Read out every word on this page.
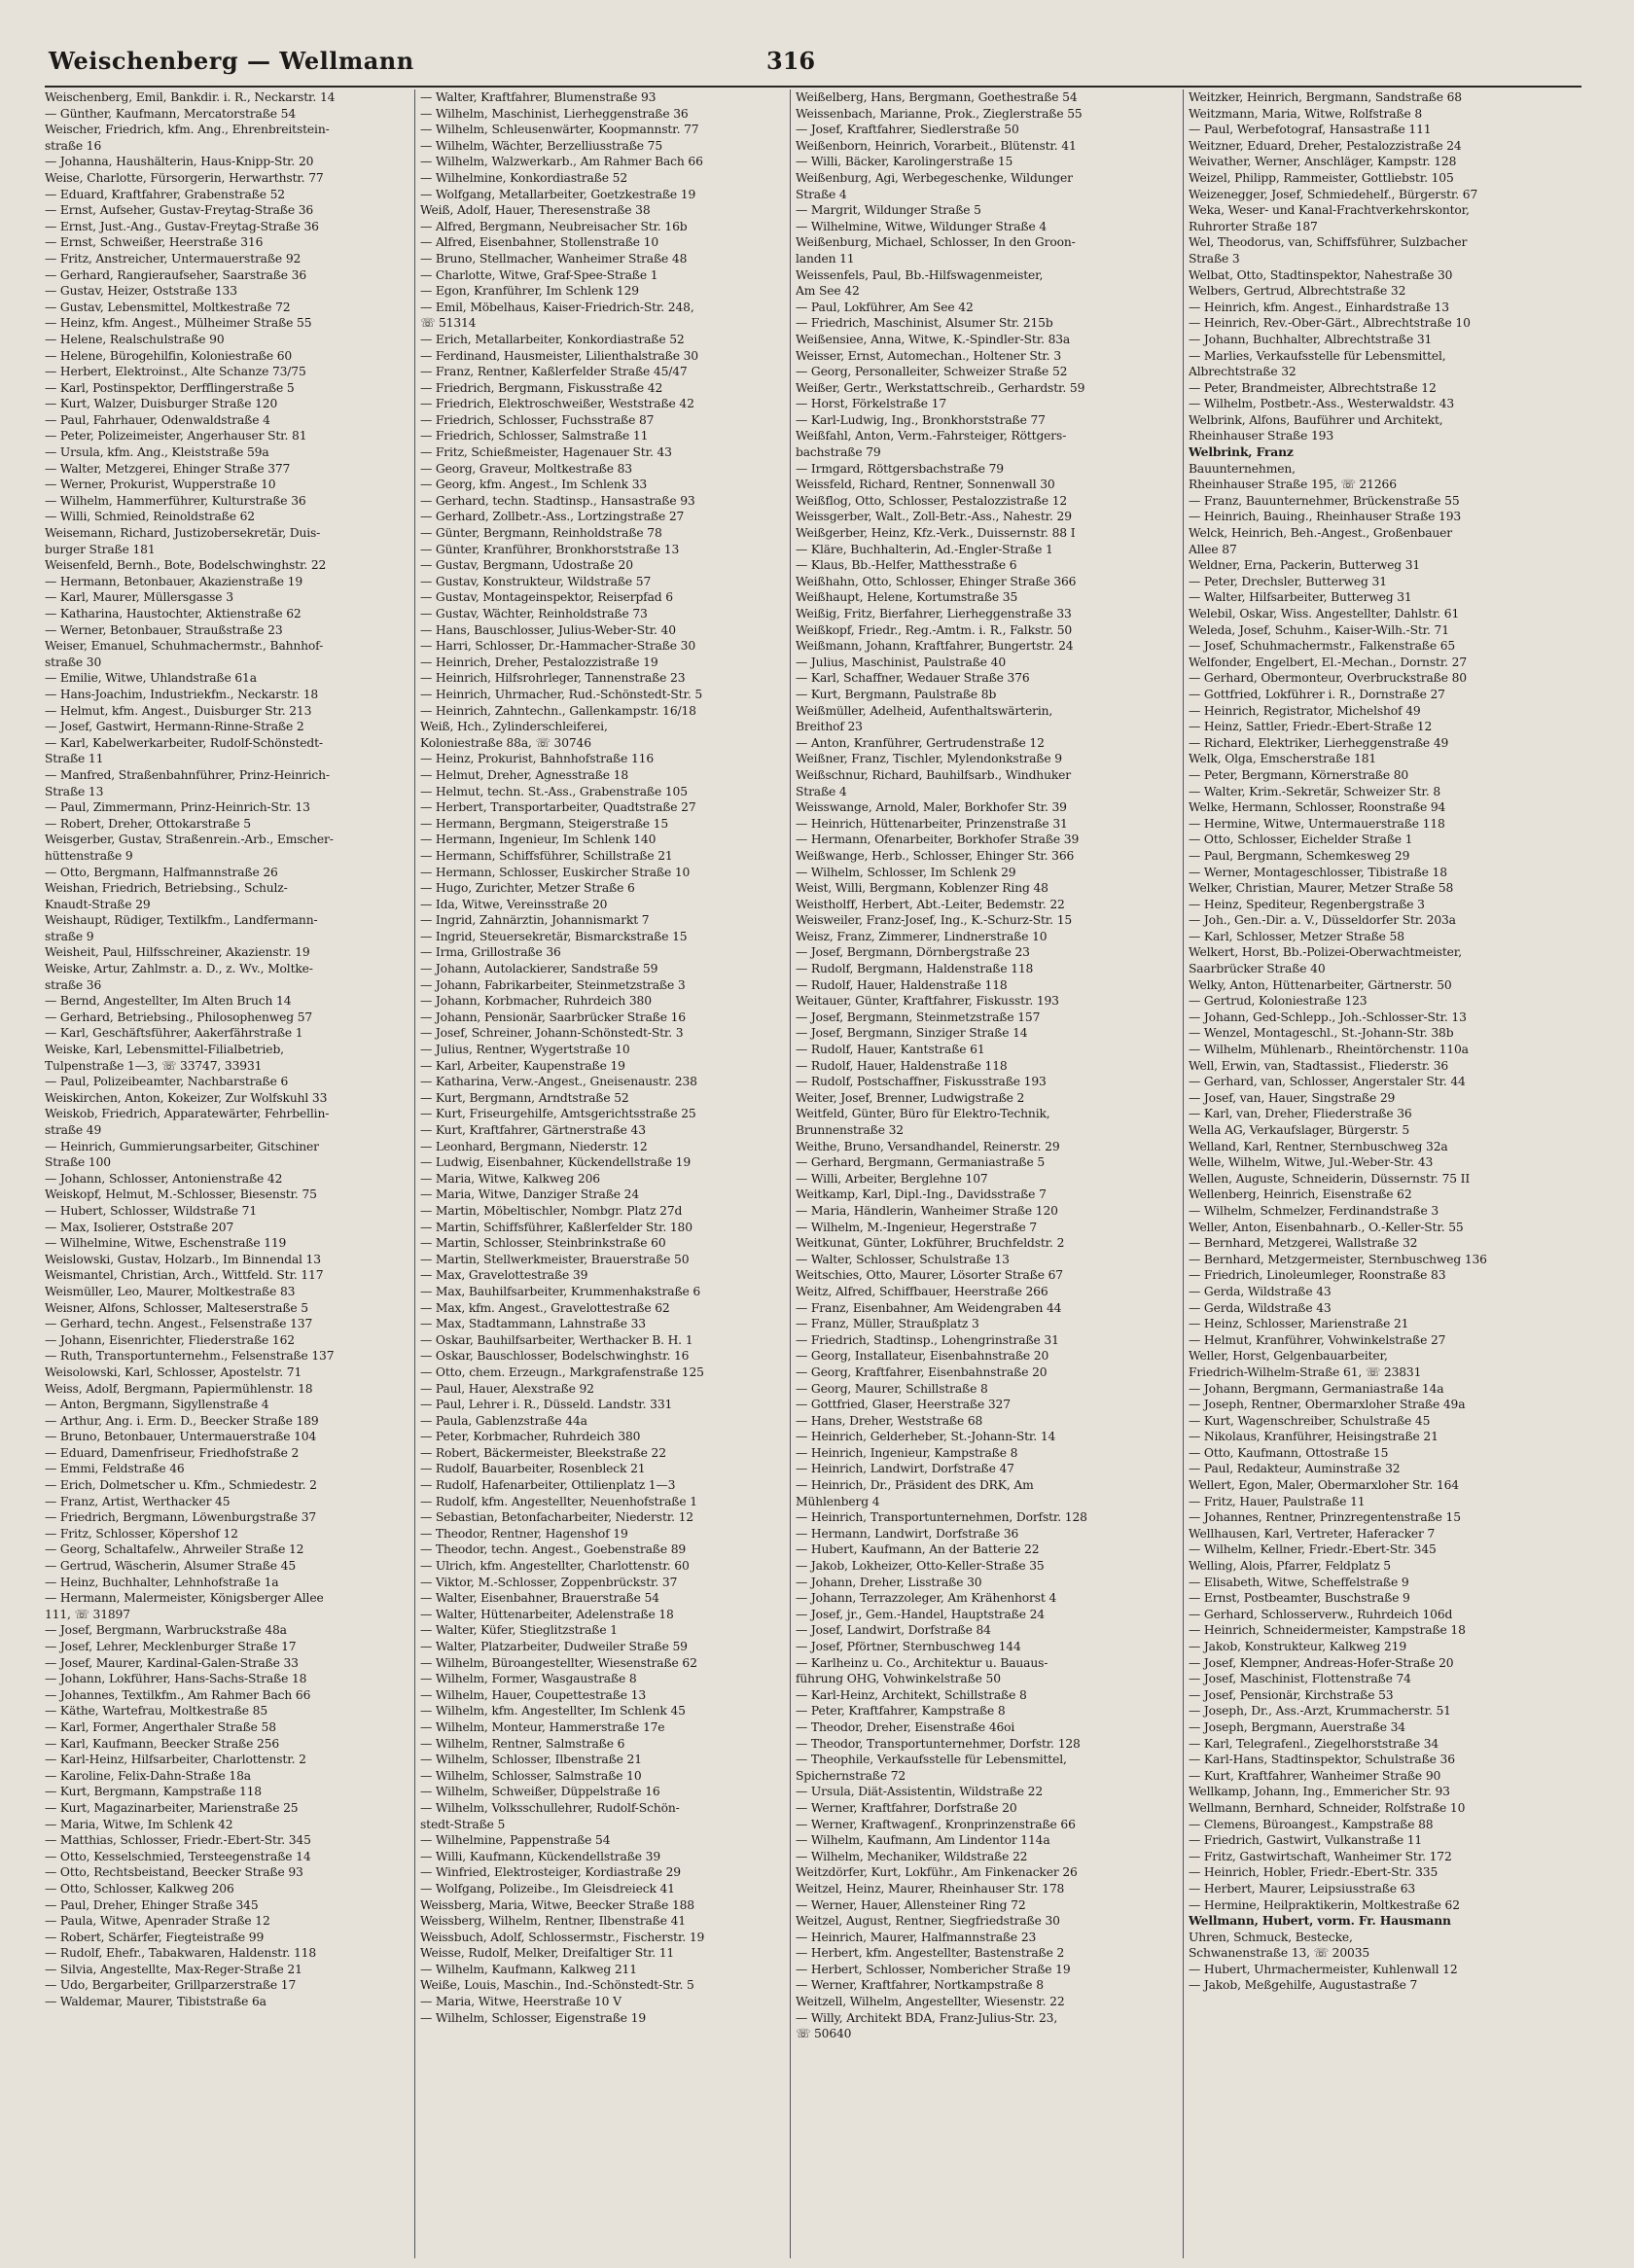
Weischenberg — Wellmann	316
Weischenberg, Emil, Bankdir. i. R., Neckarstr. 14
— Günther, Kaufmann, Mercatorstraße 54
Weischer, Friedrich, kfm. Ang., Ehrenbreitstein-
straße 16
— Johanna, Haushälterin, Haus-Knipp-Str. 20
Weise, Charlotte, Fürsorgerin, Herwarthstr. 77
— Eduard, Kraftfahrer, Grabenstraße 52
— Ernst, Aufseher, Gustav-Freytag-Straße 36
— Ernst, Just.-Ang., Gustav-Freytag-Straße 36
— Ernst, Schweißer, Heerstraße 316
— Fritz, Anstreicher, Untermauerstraße 92
— Gerhard, Rangieraufseher, Saarstraße 36
— Gustav, Heizer, Oststraße 133
— Gustav, Lebensmittel, Moltkestraße 72
— Heinz, kfm. Angest., Mülheimer Straße 55
— Helene, Realschulstraße 90
— Helene, Bürogehilfin, Koloniestraße 60
— Herbert, Elektroinst., Alte Schanze 73/75
— Karl, Postinspektor, Derfflingerstraße 5
— Kurt, Walzer, Duisburger Straße 120
— Paul, Fahrhauer, Odenwaldstraße 4
— Peter, Polizeimeister, Angerhauser Str. 81
— Ursula, kfm. Ang., Kleiststraße 59a
— Walter, Metzgerei, Ehinger Straße 377
— Werner, Prokurist, Wupperstraße 10
— Wilhelm, Hammerführer, Kulturstraße 36
— Willi, Schmied, Reinoldstraße 62
Weisemann, Richard, Justizobersekretär, Duis-
burger Straße 181
Weisenfeld, Bernh., Bote, Bodelschwinghstr. 22
— Hermann, Betonbauer, Akazienstraße 19
— Karl, Maurer, Müllersgasse 3
— Katharina, Haustochter, Aktienstraße 62
— Werner, Betonbauer, Straußstraße 23
Weiser, Emanuel, Schuhmachermstr., Bahnhof-
straße 30
— Emilie, Witwe, Uhlandstraße 61a
— Hans-Joachim, Industriekfm., Neckarstr. 18
— Helmut, kfm. Angest., Duisburger Str. 213
— Josef, Gastwirt, Hermann-Rinne-Straße 2
— Karl, Kabelwerkarbeiter, Rudolf-Schönstedt-
Straße 11
— Manfred, Straßenbahnführer, Prinz-Heinrich-
Straße 13
— Paul, Zimmermann, Prinz-Heinrich-Str. 13
— Robert, Dreher, Ottokarstraße 5
Weisgerber, Gustav, Straßenrein.-Arb., Emscher-
hüttenstraße 9
— Otto, Bergmann, Halfmannstraße 26
Weishan, Friedrich, Betriebsing., Schulz-
Knaudt-Straße 29
Weishaupt, Rüdiger, Textilkfm., Landfermann-
straße 9
Weisheit, Paul, Hilfsschreiner, Akazienstr. 19
Weiske, Artur, Zahlmstr. a. D., z. Wv., Moltke-
straße 36
— Bernd, Angestellter, Im Alten Bruch 14
— Gerhard, Betriebsing., Philosophenweg 57
— Karl, Geschäftsführer, Aakerfährstraße 1
Weiske, Karl, Lebensmittel-Filialbetrieb,
Tulpenstraße 1—3, ☏ 33747, 33931
— Paul, Polizeibeamter, Nachbarstraße 6
Weiskirchen, Anton, Kokeizer, Zur Wolfskuhl 33
Weiskob, Friedrich, Apparatewärter, Fehrbellin-
straße 49
— Heinrich, Gummierungsarbeiter, Gitschiner
Straße 100
— Johann, Schlosser, Antonienstraße 42
Weiskopf, Helmut, M.-Schlosser, Biesenstr. 75
— Hubert, Schlosser, Wildstraße 71
— Max, Isolierer, Oststraße 207
— Wilhelmine, Witwe, Eschenstraße 119
Weislowski, Gustav, Holzarb., Im Binnendal 13
Weismantel, Christian, Arch., Wittfeld. Str. 117
Weismüller, Leo, Maurer, Moltkestraße 83
Weisner, Alfons, Schlosser, Malteserstraße 5
— Gerhard, techn. Angest., Felsenstraße 137
— Johann, Eisenrichter, Fliederstraße 162
— Ruth, Transportunternehm., Felsenstraße 137
Weisolowski, Karl, Schlosser, Apostelstr. 71
Weiss, Adolf, Bergmann, Papiermühlenstr. 18
— Anton, Bergmann, Sigyllenstraße 4
— Arthur, Ang. i. Erm. D., Beecker Straße 189
— Bruno, Betonbauer, Untermauerstraße 104
— Eduard, Damenfriseur, Friedhofstraße 2
— Emmi, Feldstraße 46
— Erich, Dolmetscher u. Kfm., Schmiedestr. 2
— Franz, Artist, Werthacker 45
— Friedrich, Bergmann, Löwenburgstraße 37
— Fritz, Schlosser, Köpershof 12
— Georg, Schaltafelw., Ahrweiler Straße 12
— Gertrud, Wäscherin, Alsumer Straße 45
— Heinz, Buchhalter, Lehnhofstraße 1a
— Hermann, Malermeister, Königsberger Allee
111, ☏ 31897
— Josef, Bergmann, Warbruckstraße 48a
— Josef, Lehrer, Mecklenburger Straße 17
— Josef, Maurer, Kardinal-Galen-Straße 33
— Johann, Lokführer, Hans-Sachs-Straße 18
— Johannes, Textilkfm., Am Rahmer Bach 66
— Käthe, Wartefrau, Moltkestraße 85
— Karl, Former, Angerthaler Straße 58
— Karl, Kaufmann, Beecker Straße 256
— Karl-Heinz, Hilfsarbeiter, Charlottenstr. 2
— Karoline, Felix-Dahn-Straße 18a
— Kurt, Bergmann, Kampstraße 118
— Kurt, Magazinarbeiter, Marienstraße 25
— Maria, Witwe, Im Schlenk 42
— Matthias, Schlosser, Friedr.-Ebert-Str. 345
— Otto, Kesselschmied, Tersteegenstraße 14
— Otto, Rechtsbeistand, Beecker Straße 93
— Otto, Schlosser, Kalkweg 206
— Paul, Dreher, Ehinger Straße 345
— Paula, Witwe, Apenrader Straße 12
— Robert, Schärfer, Fiegteistraße 99
— Rudolf, Ehefr., Tabakwaren, Haldenstr. 118
— Silvia, Angestellte, Max-Reger-Straße 21
— Udo, Bergarbeiter, Grillparzerstraße 17
— Waldemar, Maurer, Tibiststraße 6a
— Walter, Kraftfahrer, Blumenstraße 93
— Wilhelm, Maschinist, Lierheggenstraße 36
— Wilhelm, Schleusenwärter, Koopmannstr. 77
— Wilhelm, Wächter, Berzelliusstraße 75
— Wilhelm, Walzwerkarb., Am Rahmer Bach 66
— Wilhelmine, Konkordiastraße 52
— Wolfgang, Metallarbeiter, Goetzkestraße 19
Weiß, Adolf, Hauer, Theresenstraße 38
— Alfred, Bergmann, Neubreisacher Str. 16b
— Alfred, Eisenbahner, Stollenstraße 10
— Bruno, Stellmacher, Wanheimer Straße 48
— Charlotte, Witwe, Graf-Spee-Straße 1
— Egon, Kranführer, Im Schlenk 129
— Emil, Möbelhaus, Kaiser-Friedrich-Str. 248,
☏ 51314
— Erich, Metallarbeiter, Konkordiastraße 52
— Ferdinand, Hausmeister, Lilienthalstraße 30
— Franz, Rentner, Kaßlerfelder Straße 45/47
— Friedrich, Bergmann, Fiskusstraße 42
— Friedrich, Elektroschweißer, Weststraße 42
— Friedrich, Schlosser, Fuchsstraße 87
— Friedrich, Schlosser, Salmstraße 11
— Fritz, Schießmeister, Hagenauer Str. 43
— Georg, Graveur, Moltkestraße 83
— Georg, kfm. Angest., Im Schlenk 33
— Gerhard, techn. Stadtinsp., Hansastraße 93
— Gerhard, Zollbetr.-Ass., Lortzingstraße 27
— Günter, Bergmann, Reinholdstraße 78
— Günter, Kranführer, Bronkhorststraße 13
— Gustav, Bergmann, Udostraße 20
— Gustav, Konstrukteur, Wildstraße 57
— Gustav, Montageinspektor, Reiserpfad 6
— Gustav, Wächter, Reinholdstraße 73
— Hans, Bauschlosser, Julius-Weber-Str. 40
— Harri, Schlosser, Dr.-Hammacher-Straße 30
— Heinrich, Dreher, Pestalozzistraße 19
— Heinrich, Hilfsrohrleger, Tannenstraße 23
— Heinrich, Uhrmacher, Rud.-Schönstedt-Str. 5
— Heinrich, Zahntechn., Gallenkampstr. 16/18
Weiß, Hch., Zylinderschleiferei,
Koloniestraße 88a, ☏ 30746
— Heinz, Prokurist, Bahnhofstraße 116
— Helmut, Dreher, Agnesstraße 18
— Helmut, techn. St.-Ass., Grabenstraße 105
— Herbert, Transportarbeiter, Quadtstraße 27
— Hermann, Bergmann, Steigerstraße 15
— Hermann, Ingenieur, Im Schlenk 140
— Hermann, Schiffsführer, Schillstraße 21
— Hermann, Schlosser, Euskircher Straße 10
— Hugo, Zurichter, Metzer Straße 6
— Ida, Witwe, Vereinsstraße 20
— Ingrid, Zahnärztin, Johannismarkt 7
— Ingrid, Steuersekretär, Bismarckstraße 15
— Irma, Grillostraße 36
— Johann, Autolackierer, Sandstraße 59
— Johann, Fabrikarbeiter, Steinmetzstraße 3
— Johann, Korbmacher, Ruhrdeich 380
— Johann, Pensionär, Saarbrücker Straße 16
— Josef, Schreiner, Johann-Schönstedt-Str. 3
— Julius, Rentner, Wygertstraße 10
— Karl, Arbeiter, Kaupenstraße 19
— Katharina, Verw.-Angest., Gneisenaustr. 238
— Kurt, Bergmann, Arndtstraße 52
— Kurt, Friseurgehilfe, Amtsgerichtsstraße 25
— Kurt, Kraftfahrer, Gärtnerstraße 43
— Leonhard, Bergmann, Niederstr. 12
— Ludwig, Eisenbahner, Kückendellstraße 19
— Maria, Witwe, Kalkweg 206
— Maria, Witwe, Danziger Straße 24
— Martin, Möbeltischler, Nombgr. Platz 27d
— Martin, Schiffsführer, Kaßlerfelder Str. 180
— Martin, Schlosser, Steinbrinkstraße 60
— Martin, Stellwerkmeister, Brauerstraße 50
— Max, Gravelottestraße 39
— Max, Bauhilfsarbeiter, Krummenhakstraße 6
— Max, kfm. Angest., Gravelottestraße 62
— Max, Stadtammann, Lahnstraße 33
— Oskar, Bauhilfsarbeiter, Werthacker B. H. 1
— Oskar, Bauschlosser, Bodelschwinghstr. 16
— Otto, chem. Erzeugn., Markgrafenstraße 125
— Paul, Hauer, Alexstraße 92
— Paul, Lehrer i. R., Düsseld. Landstr. 331
— Paula, Gablenzstraße 44a
— Peter, Korbmacher, Ruhrdeich 380
— Robert, Bäckermeister, Bleekstraße 22
— Rudolf, Bauarbeiter, Rosenbleck 21
— Rudolf, Hafenarbeiter, Ottilienplatz 1—3
— Rudolf, kfm. Angestellter, Neuenhofstraße 1
— Sebastian, Betonfacharbeiter, Niederstr. 12
— Theodor, Rentner, Hagenshof 19
— Theodor, techn. Angest., Goebenstraße 89
— Ulrich, kfm. Angestellter, Charlottenstr. 60
— Viktor, M.-Schlosser, Zoppenbrückstr. 37
— Walter, Eisenbahner, Brauerstraße 54
— Walter, Hüttenarbeiter, Adelenstraße 18
— Walter, Küfer, Stieglitzstraße 1
— Walter, Platzarbeiter, Dudweiler Straße 59
— Wilhelm, Büroangestellter, Wiesenstraße 62
— Wilhelm, Former, Wasgaustraße 8
— Wilhelm, Hauer, Coupettestraße 13
— Wilhelm, kfm. Angestellter, Im Schlenk 45
— Wilhelm, Monteur, Hammerstraße 17e
— Wilhelm, Rentner, Salmstraße 6
— Wilhelm, Schlosser, Ilbenstraße 21
— Wilhelm, Schlosser, Salmstraße 10
— Wilhelm, Schweißer, Düppelstraße 16
— Wilhelm, Volksschullehrer, Rudolf-Schön-
stedt-Straße 5
— Wilhelmine, Pappenstraße 54
— Willi, Kaufmann, Kückendellstraße 39
— Winfried, Elektrosteiger, Kordiastraße 29
— Wolfgang, Polizeibe., Im Gleisdreieck 41
Weissberg, Maria, Witwe, Beecker Straße 188
Weissberg, Wilhelm, Rentner, Ilbenstraße 41
Weissbuch, Adolf, Schlossermstr., Fischerstr. 19
Weisse, Rudolf, Melker, Dreifaltiger Str. 11
— Wilhelm, Kaufmann, Kalkweg 211
Weiße, Louis, Maschin., Ind.-Schönstedt-Str. 5
— Maria, Witwe, Heerstraße 10 V
— Wilhelm, Schlosser, Eigenstraße 19
Weißelberg, Hans, Bergmann, Goethestraße 54
Weissenbach, Marianne, Prok., Zieglerstraße 55
— Josef, Kraftfahrer, Siedlerstraße 50
Weißenborn, Heinrich, Vorarbeit., Blütenstr. 41
— Willi, Bäcker, Karolingerstraße 15
Weißenburg, Agi, Werbegeschenke, Wildunger
Straße 4
— Margrit, Wildunger Straße 5
— Wilhelmine, Witwe, Wildunger Straße 4
Weißenburg, Michael, Schlosser, In den Groon-
landen 11
Weissenfels, Paul, Bb.-Hilfswagenmeister,
Am See 42
— Paul, Lokführer, Am See 42
— Friedrich, Maschinist, Alsumer Str. 215b
Weißensiee, Anna, Witwe, K.-Spindler-Str. 83a
Weisser, Ernst, Automechan., Holtener Str. 3
— Georg, Personalleiter, Schweizer Straße 52
Weißer, Gertr., Werkstattschreib., Gerhardstr. 59
— Horst, Förkelstraße 17
— Karl-Ludwig, Ing., Bronkhorststraße 77
Weißfahl, Anton, Verm.-Fahrsteiger, Röttgers-
bachstraße 79
— Irmgard, Röttgersbachstraße 79
Weissfeld, Richard, Rentner, Sonnenwall 30
Weißflog, Otto, Schlosser, Pestalozzistraße 12
Weissgerber, Walt., Zoll-Betr.-Ass., Nahestr. 29
Weißgerber, Heinz, Kfz.-Verk., Duissernstr. 88 I
— Kläre, Buchhalterin, Ad.-Engler-Straße 1
— Klaus, Bb.-Helfer, Matthesstraße 6
Weißhahn, Otto, Schlosser, Ehinger Straße 366
Weißhaupt, Helene, Kortumstraße 35
Weißig, Fritz, Bierfahrer, Lierheggenstraße 33
Weißkopf, Friedr., Reg.-Amtm. i. R., Falkstr. 50
Weißmann, Johann, Kraftfahrer, Bungertstr. 24
— Julius, Maschinist, Paulstraße 40
— Karl, Schaffner, Wedauer Straße 376
— Kurt, Bergmann, Paulstraße 8b
Weißmüller, Adelheid, Aufenthaltswärterin,
Breithof 23
— Anton, Kranführer, Gertrudenstraße 12
Weißner, Franz, Tischler, Mylendonkstraße 9
Weißschnur, Richard, Bauhilfsarb., Windhuker
Straße 4
Weisswange, Arnold, Maler, Borkhofer Str. 39
— Heinrich, Hüttenarbeiter, Prinzenstraße 31
— Hermann, Ofenarbeiter, Borkhofer Straße 39
Weißwange, Herb., Schlosser, Ehinger Str. 366
— Wilhelm, Schlosser, Im Schlenk 29
Weist, Willi, Bergmann, Koblenzer Ring 48
Weistholff, Herbert, Abt.-Leiter, Bedemstr. 22
Weisweiler, Franz-Josef, Ing., K.-Schurz-Str. 15
Weisz, Franz, Zimmerer, Lindnerstraße 10
— Josef, Bergmann, Dörnbergstraße 23
— Rudolf, Bergmann, Haldenstraße 118
— Rudolf, Hauer, Haldenstraße 118
Weitauer, Günter, Kraftfahrer, Fiskusstr. 193
— Josef, Bergmann, Steinmetzstraße 157
— Josef, Bergmann, Sinziger Straße 14
— Rudolf, Hauer, Kantstraße 61
— Rudolf, Hauer, Haldenstraße 118
— Rudolf, Postschaffner, Fiskusstraße 193
Weiter, Josef, Brenner, Ludwigstraße 2
Weitfeld, Günter, Büro für Elektro-Technik,
Brunnenstraße 32
Weithe, Bruno, Versandhandel, Reinerstr. 29
— Gerhard, Bergmann, Germaniastraße 5
— Willi, Arbeiter, Berglehne 107
Weitkamp, Karl, Dipl.-Ing., Davidsstraße 7
— Maria, Händlerin, Wanheimer Straße 120
— Wilhelm, M.-Ingenieur, Hegerstraße 7
Weitkunat, Günter, Lokführer, Bruchfeldstr. 2
— Walter, Schlosser, Schulstraße 13
Weitschies, Otto, Maurer, Lösorter Straße 67
Weitz, Alfred, Schiffbauer, Heerstraße 266
— Franz, Eisenbahner, Am Weidengraben 44
— Franz, Müller, Straußplatz 3
— Friedrich, Stadtinsp., Lohengrinstraße 31
— Georg, Installateur, Eisenbahnstraße 20
— Georg, Kraftfahrer, Eisenbahnstraße 20
— Georg, Maurer, Schillstraße 8
— Gottfried, Glaser, Heerstraße 327
— Hans, Dreher, Weststraße 68
— Heinrich, Gelderheber, St.-Johann-Str. 14
— Heinrich, Ingenieur, Kampstraße 8
— Heinrich, Landwirt, Dorfstraße 47
— Heinrich, Dr., Präsident des DRK, Am
Mühlenberg 4
— Heinrich, Transportunternehmen, Dorfstr. 128
— Hermann, Landwirt, Dorfstraße 36
— Hubert, Kaufmann, An der Batterie 22
— Jakob, Lokheizer, Otto-Keller-Straße 35
— Johann, Dreher, Lisstraße 30
— Johann, Terrazzoleger, Am Krähenhorst 4
— Josef, jr., Gem.-Handel, Hauptstraße 24
— Josef, Landwirt, Dorfstraße 84
— Josef, Pförtner, Sternbuschweg 144
— Karlheinz u. Co., Architektur u. Bauaus-
führung OHG, Vohwinkelstraße 50
— Karl-Heinz, Architekt, Schillstraße 8
— Peter, Kraftfahrer, Kampstraße 8
— Theodor, Dreher, Eisenstraße 46oi
— Theodor, Transportunternehmer, Dorfstr. 128
— Theophile, Verkaufsstelle für Lebensmittel,
Spichernstraße 72
— Ursula, Diät-Assistentin, Wildstraße 22
— Werner, Kraftfahrer, Dorfstraße 20
— Werner, Kraftwagenf., Kronprinzenstraße 66
— Wilhelm, Kaufmann, Am Lindentor 114a
— Wilhelm, Mechaniker, Wildstraße 22
Weitzdörfer, Kurt, Lokführ., Am Finkenacker 26
Weitzel, Heinz, Maurer, Rheinhauser Str. 178
— Werner, Hauer, Allensteiner Ring 72
Weitzel, August, Rentner, Siegfriedstraße 30
— Heinrich, Maurer, Halfmannstraße 23
— Herbert, kfm. Angestellter, Bastenstraße 2
— Herbert, Schlosser, Nombericher Straße 19
— Werner, Kraftfahrer, Nortkampstraße 8
Weitzell, Wilhelm, Angestellter, Wiesenstr. 22
— Willy, Architekt BDA, Franz-Julius-Str. 23,
☏ 50640
Weitzker, Heinrich, Bergmann, Sandstraße 68
Weitzmann, Maria, Witwe, Rolfstraße 8
— Paul, Werbefotograf, Hansastraße 111
Weitzner, Eduard, Dreher, Pestalozzistraße 24
Weivather, Werner, Anschläger, Kampstr. 128
Weizel, Philipp, Rammeister, Gottliebstr. 105
Weizenegger, Josef, Schmiedehelf., Bürgerstr. 67
Weka, Weser- und Kanal-Frachtverkehrskontor,
Ruhrorter Straße 187
Wel, Theodorus, van, Schiffsführer, Sulzbacher
Straße 3
Welbat, Otto, Stadtinspektor, Nahestraße 30
Welbers, Gertrud, Albrechtstraße 32
— Heinrich, kfm. Angest., Einhardstraße 13
— Heinrich, Rev.-Ober-Gärt., Albrechtstraße 10
— Johann, Buchhalter, Albrechtstraße 31
— Marlies, Verkaufsstelle für Lebensmittel,
Albrechtstraße 32
— Peter, Brandmeister, Albrechtstraße 12
— Wilhelm, Postbetr.-Ass., Westerwaldstr. 43
Welbrink, Alfons, Bauführer und Architekt,
Rheinhauser Straße 193
Welbrink, Franz
Bauunternehmen,
Rheinhauser Straße 195, ☏ 21266
— Franz, Bauunternehmer, Brückenstraße 55
— Heinrich, Bauing., Rheinhauser Straße 193
Welck, Heinrich, Beh.-Angest., Großenbauer
Allee 87
Weldner, Erna, Packerin, Butterweg 31
— Peter, Drechsler, Butterweg 31
— Walter, Hilfsarbeiter, Butterweg 31
Welebil, Oskar, Wiss. Angestellter, Dahlstr. 61
Weleda, Josef, Schuhm., Kaiser-Wilh.-Str. 71
— Josef, Schuhmachermstr., Falkenstraße 65
Welfonder, Engelbert, El.-Mechan., Dornstr. 27
— Gerhard, Obermonteur, Overbruckstraße 80
— Gottfried, Lokführer i. R., Dornstraße 27
— Heinrich, Registrator, Michelshof 49
— Heinz, Sattler, Friedr.-Ebert-Straße 12
— Richard, Elektriker, Lierheggenstraße 49
Welk, Olga, Emscherstraße 181
— Peter, Bergmann, Körnerstraße 80
— Walter, Krim.-Sekretär, Schweizer Str. 8
Welke, Hermann, Schlosser, Roonstraße 94
— Hermine, Witwe, Untermauerstraße 118
— Otto, Schlosser, Eichelder Straße 1
— Paul, Bergmann, Schemkesweg 29
— Werner, Montageschlosser, Tibistraße 18
Welker, Christian, Maurer, Metzer Straße 58
— Heinz, Spediteur, Regenbergstraße 3
— Joh., Gen.-Dir. a. V., Düsseldorfer Str. 203a
— Karl, Schlosser, Metzer Straße 58
Welkert, Horst, Bb.-Polizei-Oberwachtmeister,
Saarbrücker Straße 40
Welky, Anton, Hüttenarbeiter, Gärtnerstr. 50
— Gertrud, Koloniestraße 123
— Johann, Ged-Schlepp., Joh.-Schlosser-Str. 13
— Wenzel, Montageschl., St.-Johann-Str. 38b
— Wilhelm, Mühlenarb., Rheintörchenstr. 110a
Well, Erwin, van, Stadtassist., Fliederstr. 36
— Gerhard, van, Schlosser, Angerstaler Str. 44
— Josef, van, Hauer, Singstraße 29
— Karl, van, Dreher, Fliederstraße 36
Wella AG, Verkaufslager, Bürgerstr. 5
Welland, Karl, Rentner, Sternbuschweg 32a
Welle, Wilhelm, Witwe, Jul.-Weber-Str. 43
Wellen, Auguste, Schneiderin, Düssernstr. 75 II
Wellenberg, Heinrich, Eisenstraße 62
— Wilhelm, Schmelzer, Ferdinandstraße 3
Weller, Anton, Eisenbahnarb., O.-Keller-Str. 55
— Bernhard, Metzgerei, Wallstraße 32
— Bernhard, Metzgermeister, Sternbuschweg 136
— Friedrich, Linoleumleger, Roonstraße 83
— Gerda, Wildstraße 43
— Gerda, Wildstraße 43
— Heinz, Schlosser, Marienstraße 21
— Helmut, Kranführer, Vohwinkelstraße 27
Weller, Horst, Gelgenbauarbeiter,
Friedrich-Wilhelm-Straße 61, ☏ 23831
— Johann, Bergmann, Germaniastraße 14a
— Joseph, Rentner, Obermarxloher Straße 49a
— Kurt, Wagenschreiber, Schulstraße 45
— Nikolaus, Kranführer, Heisingstraße 21
— Otto, Kaufmann, Ottostraße 15
— Paul, Redakteur, Auminstraße 32
Wellert, Egon, Maler, Obermarxloher Str. 164
— Fritz, Hauer, Paulstraße 11
— Johannes, Rentner, Prinzregentenstraße 15
Wellhausen, Karl, Vertreter, Haferacker 7
— Wilhelm, Kellner, Friedr.-Ebert-Str. 345
Welling, Alois, Pfarrer, Feldplatz 5
— Elisabeth, Witwe, Scheffelstraße 9
— Ernst, Postbeamter, Buschstraße 9
— Gerhard, Schlosserverw., Ruhrdeich 106d
— Heinrich, Schneidermeister, Kampstraße 18
— Jakob, Konstrukteur, Kalkweg 219
— Josef, Klempner, Andreas-Hofer-Straße 20
— Josef, Maschinist, Flottenstraße 74
— Josef, Pensionär, Kirchstraße 53
— Joseph, Dr., Ass.-Arzt, Krummacherstr. 51
— Joseph, Bergmann, Auerstraße 34
— Karl, Telegrafenl., Ziegelhorststraße 34
— Karl-Hans, Stadtinspektor, Schulstraße 36
— Kurt, Kraftfahrer, Wanheimer Straße 90
Wellkamp, Johann, Ing., Emmericher Str. 93
Wellmann, Bernhard, Schneider, Rolfstraße 10
— Clemens, Büroangest., Kampstraße 88
— Friedrich, Gastwirt, Vulkanstraße 11
— Fritz, Gastwirtschaft, Wanheimer Str. 172
— Heinrich, Hobler, Friedr.-Ebert-Str. 335
— Herbert, Maurer, Leipsiusstraße 63
— Hermine, Heilpraktikerin, Moltkestraße 62
Wellmann, Hubert, vorm. Fr. Hausmann
Uhren, Schmuck, Bestecke,
Schwanenstraße 13, ☏ 20035
— Hubert, Uhrmachermeister, Kuhlenwall 12
— Jakob, Meßgehilfe, Augustastraße 7
